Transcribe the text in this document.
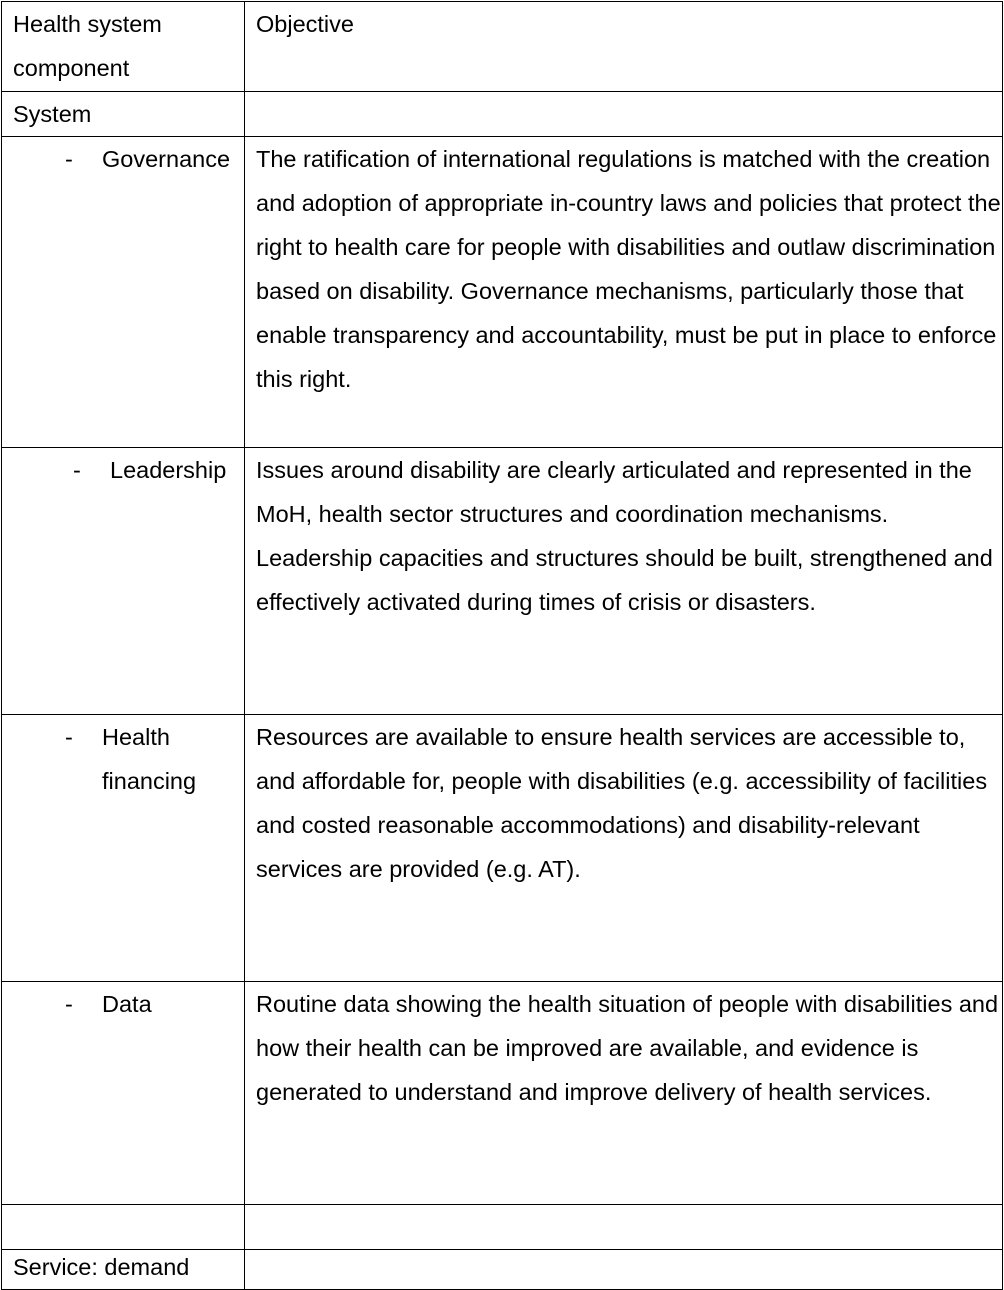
Health system component	Objective
System	

- Governance	The ratification of international regulations is matched with the creation and adoption of appropriate in-country laws and policies that protect the right to health care for people with disabilities and outlaw discrimination based on disability. Governance mechanisms, particularly those that enable transparency and accountability, must be put in place to enforce this right.

- Leadership	Issues around disability are clearly articulated and represented in the MoH, health sector structures and coordination mechanisms. Leadership capacities and structures should be built, strengthened and effectively activated during times of crisis or disasters.

- Health financing	Resources are available to ensure health services are accessible to, and affordable for, people with disabilities (e.g. accessibility of facilities and costed reasonable accommodations) and disability-relevant services are provided (e.g. AT).

- Data	Routine data showing the health situation of people with disabilities and how their health can be improved are available, and evidence is generated to understand and improve delivery of health services.

Service: demand	
